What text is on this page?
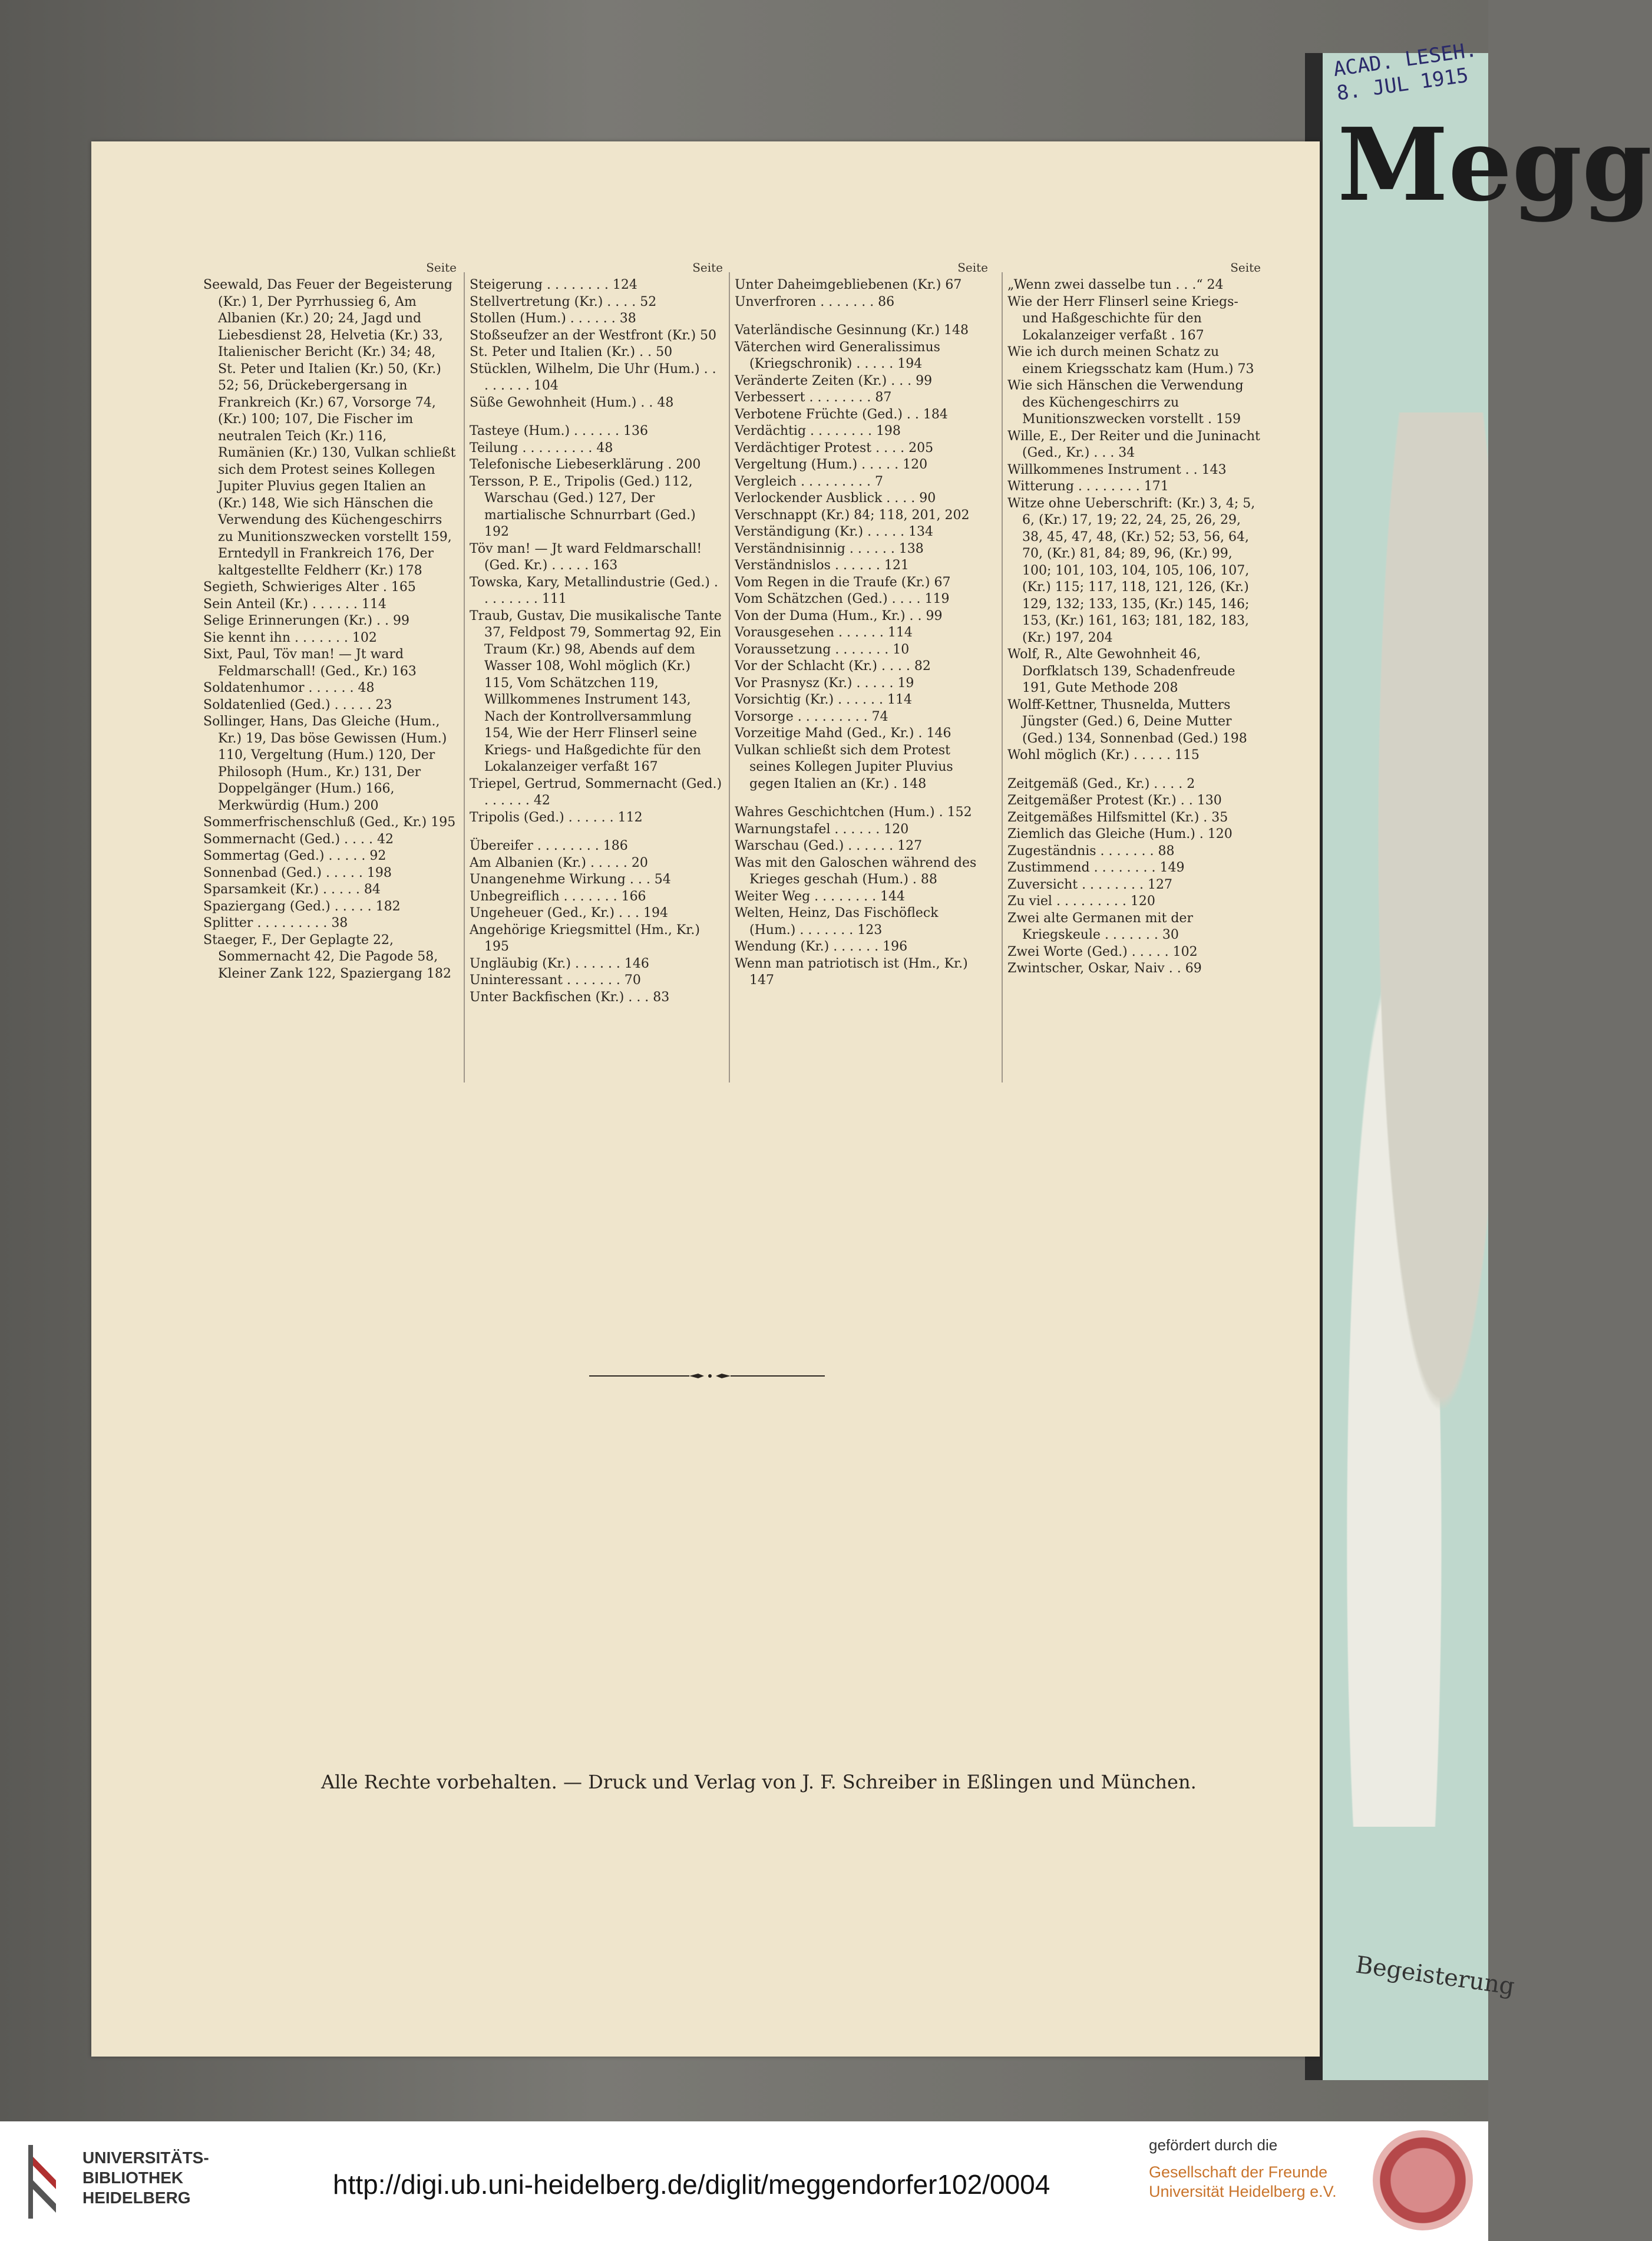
ACAD. LESEH. 8. JUL 1915
Megg
Begeisterung
Seite
Seewald, Das Feuer der Begeisterung (Kr.) 1, Der Pyrrhussieg 6, Am Albanien (Kr.) 20; 24, Jagd und Liebesdienst 28, Helvetia (Kr.) 33, Italienischer Bericht (Kr.) 34; 48, St. Peter und Italien (Kr.) 50, (Kr.) 52; 56, Drückebergersang in Frankreich (Kr.) 67, Vorsorge 74, (Kr.) 100; 107, Die Fischer im neutralen Teich (Kr.) 116, Rumänien (Kr.) 130, Vulkan schließt sich dem Protest seines Kollegen Jupiter Pluvius gegen Italien an (Kr.) 148, Wie sich Hänschen die Verwendung des Küchengeschirrs zu Munitionszwecken vorstellt 159, Erntedyll in Frankreich 176, Der kaltgestellte Feldherr (Kr.) 178
Segieth, Schwieriges Alter . 165
Sein Anteil (Kr.) . . . . . . 114
Selige Erinnerungen (Kr.) . . 99
Sie kennt ihn . . . . . . . 102
Sixt, Paul, Töv man! — Jt ward Feldmarschall! (Ged., Kr.) 163
Soldatenhumor . . . . . . 48
Soldatenlied (Ged.) . . . . . 23
Sollinger, Hans, Das Gleiche (Hum., Kr.) 19, Das böse Gewissen (Hum.) 110, Vergeltung (Hum.) 120, Der Philosoph (Hum., Kr.) 131, Der Doppelgänger (Hum.) 166, Merkwürdig (Hum.) 200
Sommerfrischenschluß (Ged., Kr.) 195
Sommernacht (Ged.) . . . . 42
Sommertag (Ged.) . . . . . 92
Sonnenbad (Ged.) . . . . . 198
Sparsamkeit (Kr.) . . . . . 84
Spaziergang (Ged.) . . . . . 182
Splitter . . . . . . . . . 38
Staeger, F., Der Geplagte 22, Sommernacht 42, Die Pagode 58, Kleiner Zank 122, Spaziergang 182
Seite
Steigerung . . . . . . . . 124
Stellvertretung (Kr.) . . . . 52
Stollen (Hum.) . . . . . . 38
Stoßseufzer an der Westfront (Kr.) 50
St. Peter und Italien (Kr.) . . 50
Stücklen, Wilhelm, Die Uhr (Hum.) . . . . . . . . 104
Süße Gewohnheit (Hum.) . . 48
Tasteye (Hum.) . . . . . . 136
Teilung . . . . . . . . . 48
Telefonische Liebeserklärung . 200
Tersson, P. E., Tripolis (Ged.) 112, Warschau (Ged.) 127, Der martialische Schnurrbart (Ged.) 192
Töv man! — Jt ward Feldmarschall! (Ged. Kr.) . . . . . 163
Towska, Kary, Metallindustrie (Ged.) . . . . . . . . 111
Traub, Gustav, Die musikalische Tante 37, Feldpost 79, Sommertag 92, Ein Traum (Kr.) 98, Abends auf dem Wasser 108, Wohl möglich (Kr.) 115, Vom Schätzchen 119, Willkommenes Instrument 143, Nach der Kontrollversammlung 154, Wie der Herr Flinserl seine Kriegs- und Haßgedichte für den Lokalanzeiger verfaßt 167
Triepel, Gertrud, Sommernacht (Ged.) . . . . . . 42
Tripolis (Ged.) . . . . . . 112
Übereifer . . . . . . . . 186
Am Albanien (Kr.) . . . . . 20
Unangenehme Wirkung . . . 54
Unbegreiflich . . . . . . . 166
Ungeheuer (Ged., Kr.) . . . 194
Angehörige Kriegsmittel (Hm., Kr.) 195
Ungläubig (Kr.) . . . . . . 146
Uninteressant . . . . . . . 70
Unter Backfischen (Kr.) . . . 83
Seite
Unter Daheimgebliebenen (Kr.) 67
Unverfroren . . . . . . . 86
Vaterländische Gesinnung (Kr.) 148
Väterchen wird Generalissimus (Kriegschronik) . . . . . 194
Veränderte Zeiten (Kr.) . . . 99
Verbessert . . . . . . . . 87
Verbotene Früchte (Ged.) . . 184
Verdächtig . . . . . . . . 198
Verdächtiger Protest . . . . 205
Vergeltung (Hum.) . . . . . 120
Vergleich . . . . . . . . . 7
Verlockender Ausblick . . . . 90
Verschnappt (Kr.) 84; 118, 201, 202
Verständigung (Kr.) . . . . . 134
Verständnisinnig . . . . . . 138
Verständnislos . . . . . . 121
Vom Regen in die Traufe (Kr.) 67
Vom Schätzchen (Ged.) . . . . 119
Von der Duma (Hum., Kr.) . . 99
Vorausgesehen . . . . . . 114
Voraussetzung . . . . . . . 10
Vor der Schlacht (Kr.) . . . . 82
Vor Prasnysz (Kr.) . . . . . 19
Vorsichtig (Kr.) . . . . . . 114
Vorsorge . . . . . . . . . 74
Vorzeitige Mahd (Ged., Kr.) . 146
Vulkan schließt sich dem Protest seines Kollegen Jupiter Pluvius gegen Italien an (Kr.) . 148
Wahres Geschichtchen (Hum.) . 152
Warnungstafel . . . . . . 120
Warschau (Ged.) . . . . . . 127
Was mit den Galoschen während des Krieges geschah (Hum.) . 88
Weiter Weg . . . . . . . . 144
Welten, Heinz, Das Fischöfleck (Hum.) . . . . . . . 123
Wendung (Kr.) . . . . . . 196
Wenn man patriotisch ist (Hm., Kr.) 147
Seite
„Wenn zwei dasselbe tun . . .“ 24
Wie der Herr Flinserl seine Kriegs- und Haßgeschichte für den Lokalanzeiger verfaßt . 167
Wie ich durch meinen Schatz zu einem Kriegsschatz kam (Hum.) 73
Wie sich Hänschen die Verwendung des Küchengeschirrs zu Munitionszwecken vorstellt . 159
Wille, E., Der Reiter und die Juninacht (Ged., Kr.) . . . 34
Willkommenes Instrument . . 143
Witterung . . . . . . . . 171
Witze ohne Ueberschrift: (Kr.) 3, 4; 5, 6, (Kr.) 17, 19; 22, 24, 25, 26, 29, 38, 45, 47, 48, (Kr.) 52; 53, 56, 64, 70, (Kr.) 81, 84; 89, 96, (Kr.) 99, 100; 101, 103, 104, 105, 106, 107, (Kr.) 115; 117, 118, 121, 126, (Kr.) 129, 132; 133, 135, (Kr.) 145, 146; 153, (Kr.) 161, 163; 181, 182, 183, (Kr.) 197, 204
Wolf, R., Alte Gewohnheit 46, Dorfklatsch 139, Schadenfreude 191, Gute Methode 208
Wolff-Kettner, Thusnelda, Mutters Jüngster (Ged.) 6, Deine Mutter (Ged.) 134, Sonnenbad (Ged.) 198
Wohl möglich (Kr.) . . . . . 115
Zeitgemäß (Ged., Kr.) . . . . 2
Zeitgemäßer Protest (Kr.) . . 130
Zeitgemäßes Hilfsmittel (Kr.) . 35
Ziemlich das Gleiche (Hum.) . 120
Zugeständnis . . . . . . . 88
Zustimmend . . . . . . . . 149
Zuversicht . . . . . . . . 127
Zu viel . . . . . . . . . 120
Zwei alte Germanen mit der Kriegskeule . . . . . . . 30
Zwei Worte (Ged.) . . . . . 102
Zwintscher, Oskar, Naiv . . 69
Alle Rechte vorbehalten. — Druck und Verlag von J. F. Schreiber in Eßlingen und München.
UNIVERSITÄTS-
BIBLIOTHEK
HEIDELBERG	http://digi.ub.uni-heidelberg.de/diglit/meggendorfer102/0004
gefördert durch die
Gesellschaft der Freunde
Universität Heidelberg e.V.
